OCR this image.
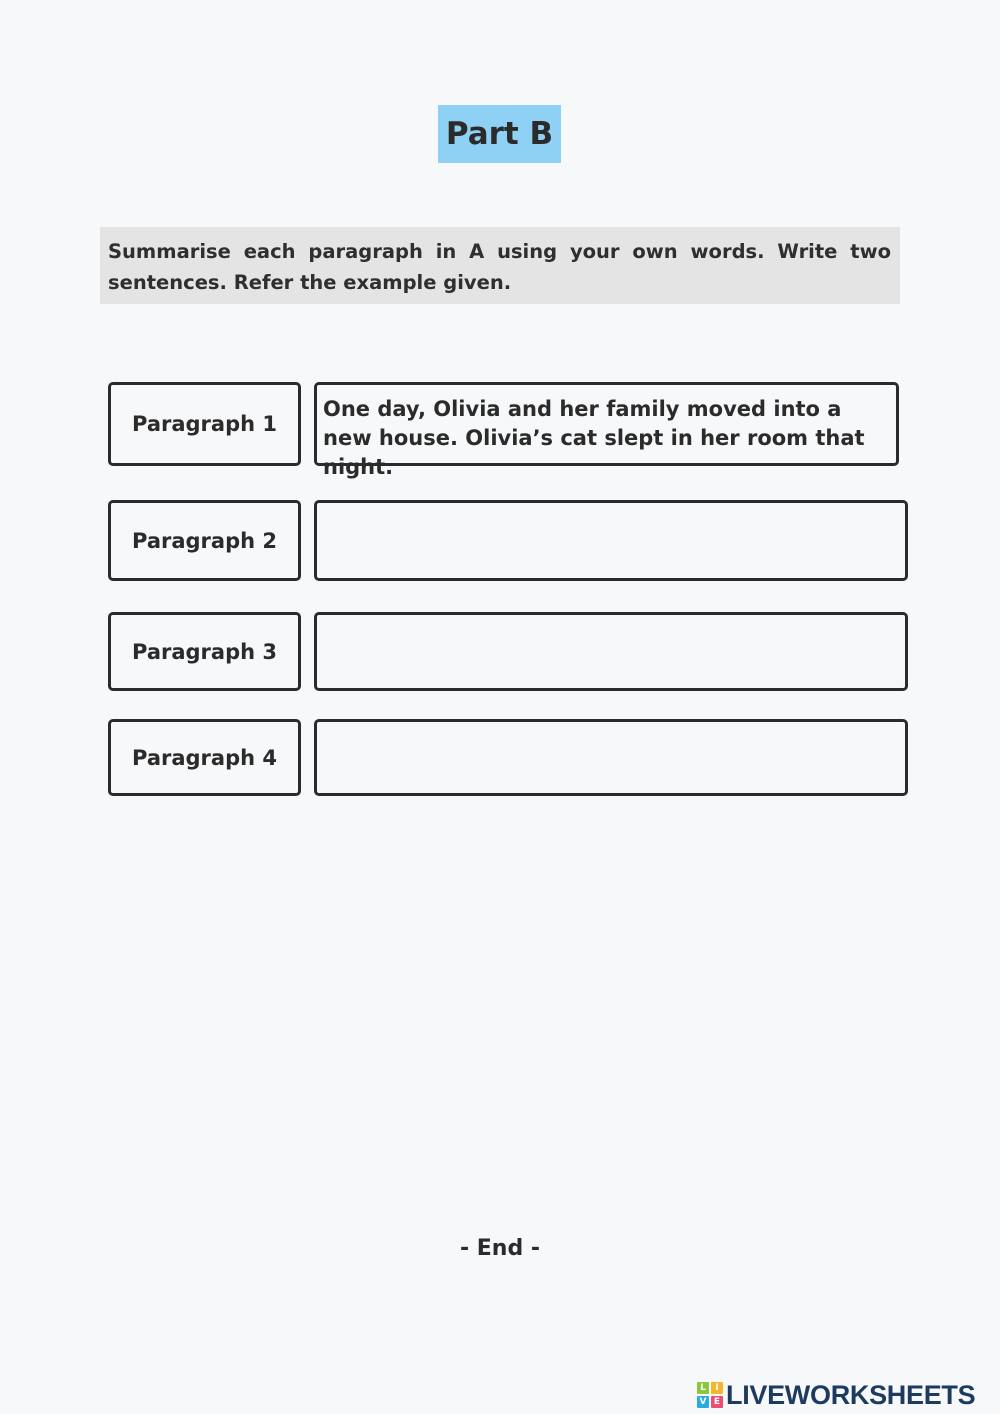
Part B
Summarise each paragraph in A using your own words. Write two sentences. Refer the example given.
Paragraph 1
One day, Olivia and her family moved into a new house. Olivia’s cat slept in her room that night.
Paragraph 2
Paragraph 3
Paragraph 4
- End -
L	I
V E LIVEWORKSHEETS
